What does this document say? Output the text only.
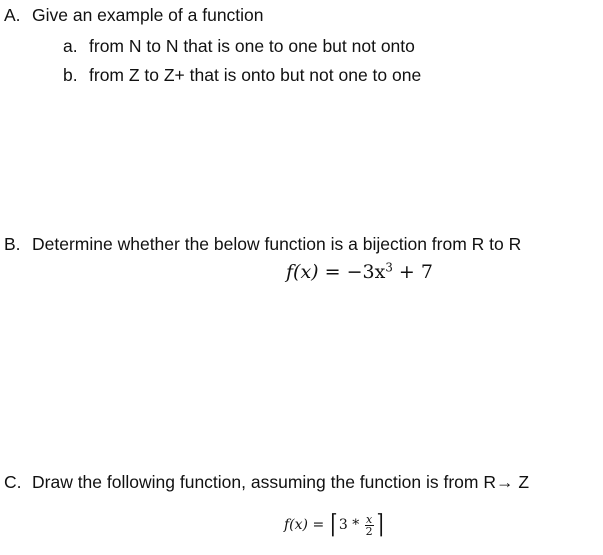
A. Give an example of a function
a. from N to N that is one to one but not onto
b. from Z to Z+ that is onto but not one to one
B. Determine whether the below function is a bijection from R to R
$f(x) = -3x^3 + 7$
C. Draw the following function, assuming the function is from R→ Z
f(x) = ⌈ $3 * \frac{x}{2}$ ⌉
